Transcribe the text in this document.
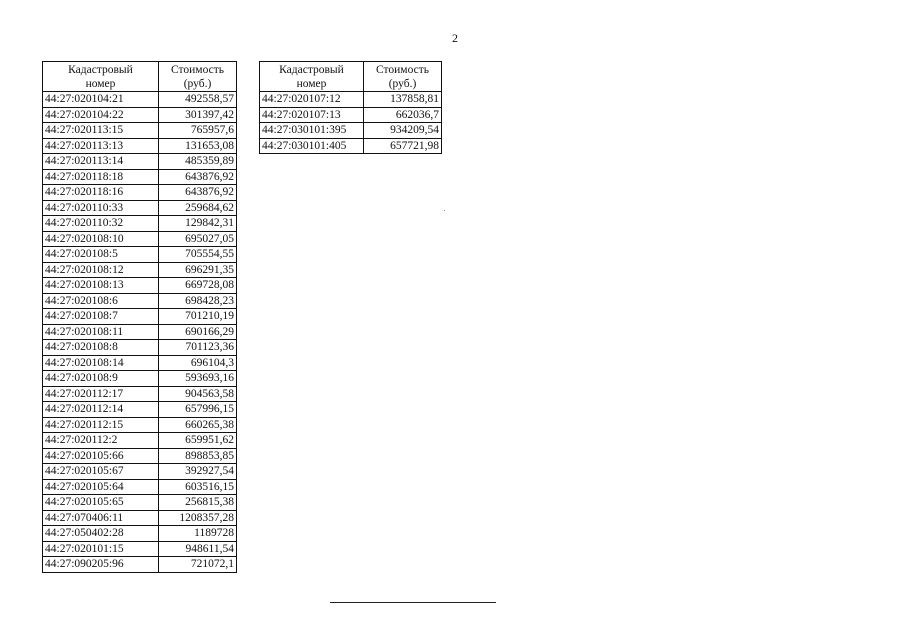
2
Кадастровый
номер	Стоимость
(руб.)

44:27:020104:21	492558,57
44:27:020104:22	301397,42
44:27:020113:15	765957,6
44:27:020113:13	131653,08
44:27:020113:14	485359,89
44:27:020118:18	643876,92
44:27:020118:16	643876,92
44:27:020110:33	259684,62
44:27:020110:32	129842,31
44:27:020108:10	695027,05
44:27:020108:5	705554,55
44:27:020108:12	696291,35
44:27:020108:13	669728,08
44:27:020108:6	698428,23
44:27:020108:7	701210,19
44:27:020108:11	690166,29
44:27:020108:8	701123,36
44:27:020108:14	696104,3
44:27:020108:9	593693,16
44:27:020112:17	904563,58
44:27:020112:14	657996,15
44:27:020112:15	660265,38
44:27:020112:2	659951,62
44:27:020105:66	898853,85
44:27:020105:67	392927,54
44:27:020105:64	603516,15
44:27:020105:65	256815,38
44:27:070406:11	1208357,28
44:27:050402:28	1189728
44:27:020101:15	948611,54
44:27:090205:96	721072,1
Кадастровый
номер	Стоимость
(руб.)

44:27:020107:12	137858,81
44:27:020107:13	662036,7
44:27:030101:395	934209,54
44:27:030101:405	657721,98
